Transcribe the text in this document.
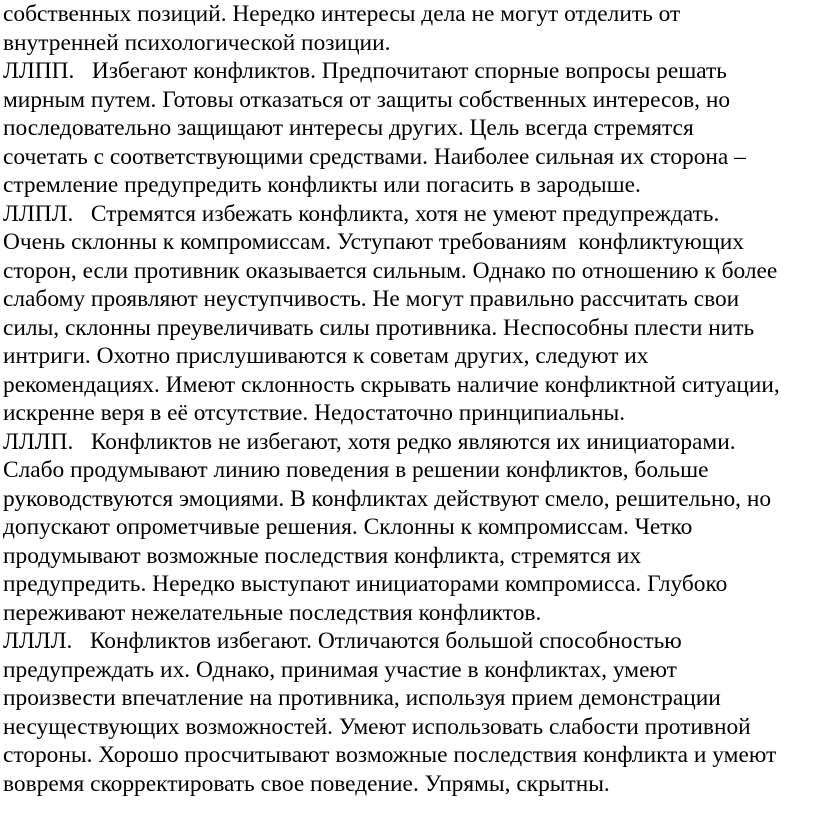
собственных позиций. Нередко интересы дела не могут отделить от
внутренней психологической позиции.
ЛЛПП.   Избегают конфликтов. Предпочитают спорные вопросы решать
мирным путем. Готовы отказаться от защиты собственных интересов, но
последовательно защищают интересы других. Цель всегда стремятся
сочетать с соответствующими средствами. Наиболее сильная их сторона –
стремление предупредить конфликты или погасить в зародыше.
ЛЛПЛ.   Стремятся избежать конфликта, хотя не умеют предупреждать.
Очень склонны к компромиссам. Уступают требованиям  конфликтующих
сторон, если противник оказывается сильным. Однако по отношению к более
слабому проявляют неуступчивость. Не могут правильно рассчитать свои
силы, склонны преувеличивать силы противника. Неспособны плести нить
интриги. Охотно прислушиваются к советам других, следуют их
рекомендациях. Имеют склонность скрывать наличие конфликтной ситуации,
искренне веря в её отсутствие. Недостаточно принципиальны.
ЛЛЛП.   Конфликтов не избегают, хотя редко являются их инициаторами.
Слабо продумывают линию поведения в решении конфликтов, больше
руководствуются эмоциями. В конфликтах действуют смело, решительно, но
допускают опрометчивые решения. Склонны к компромиссам. Четко
продумывают возможные последствия конфликта, стремятся их
предупредить. Нередко выступают инициаторами компромисса. Глубоко
переживают нежелательные последствия конфликтов.
ЛЛЛЛ.   Конфликтов избегают. Отличаются большой способностью
предупреждать их. Однако, принимая участие в конфликтах, умеют
произвести впечатление на противника, используя прием демонстрации
несуществующих возможностей. Умеют использовать слабости противной
стороны. Хорошо просчитывают возможные последствия конфликта и умеют
вовремя скорректировать свое поведение. Упрямы, скрытны.
